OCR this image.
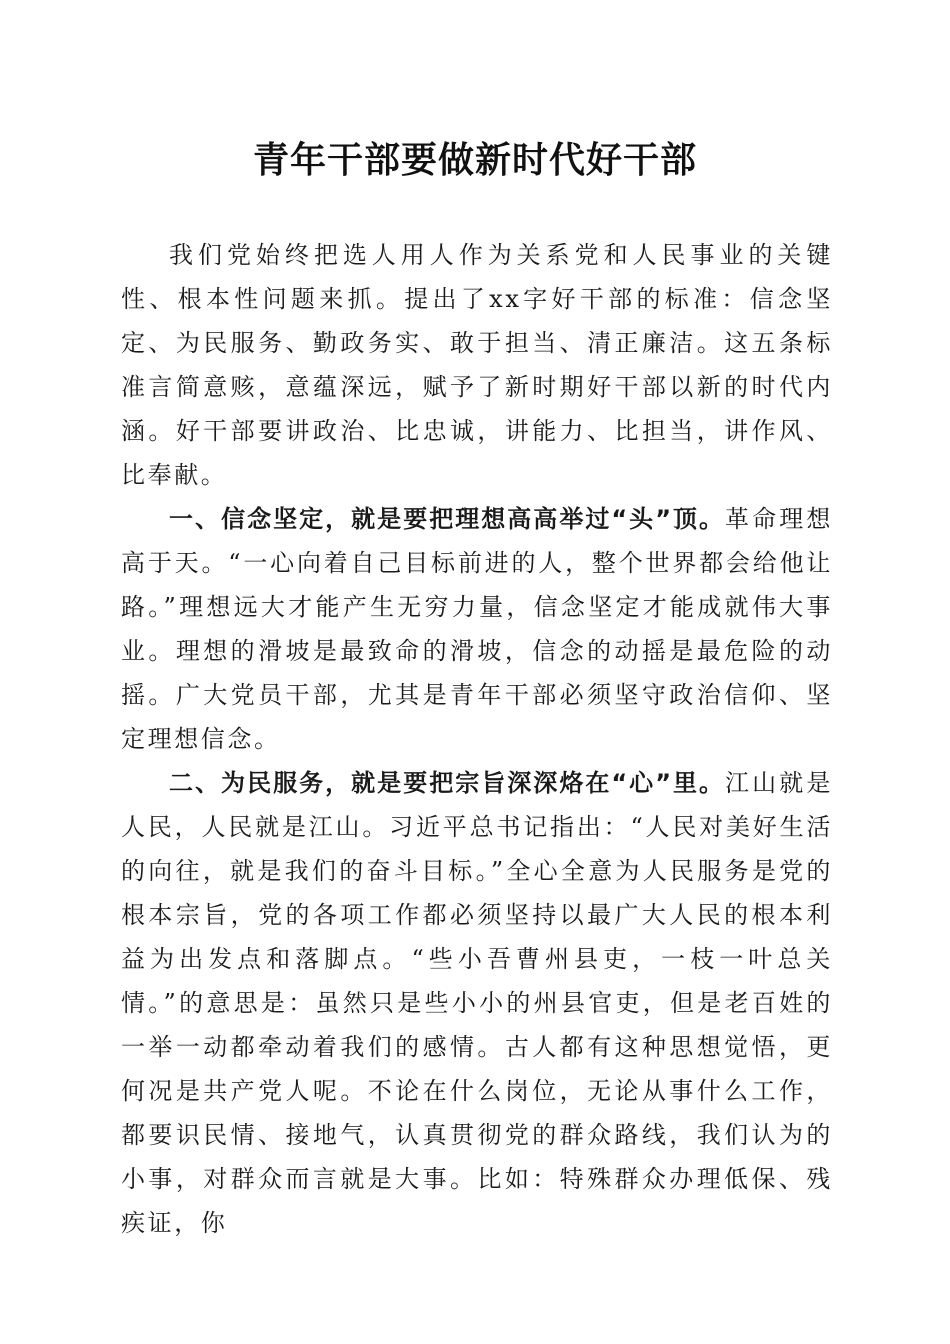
青年干部要做新时代好干部

我们党始终把选人用人作为关系党和人民事业的关键性、根本性问题来抓。提出了xx字好干部的标准：信念坚定、为民服务、勤政务实、敢于担当、清正廉洁。这五条标准言简意赅，意蕴深远，赋予了新时期好干部以新的时代内涵。好干部要讲政治、比忠诚，讲能力、比担当，讲作风、比奉献。

一、信念坚定，就是要把理想高高举过“头”顶。革命理想高于天。“一心向着自己目标前进的人，整个世界都会给他让路。”理想远大才能产生无穷力量，信念坚定才能成就伟大事业。理想的滑坡是最致命的滑坡，信念的动摇是最危险的动摇。广大党员干部，尤其是青年干部必须坚守政治信仰、坚定理想信念。

二、为民服务，就是要把宗旨深深烙在“心”里。江山就是人民，人民就是江山。习近平总书记指出：“人民对美好生活的向往，就是我们的奋斗目标。”全心全意为人民服务是党的根本宗旨，党的各项工作都必须坚持以最广大人民的根本利益为出发点和落脚点。“些小吾曹州县吏，一枝一叶总关情。”的意思是：虽然只是些小小的州县官吏，但是老百姓的一举一动都牵动着我们的感情。古人都有这种思想觉悟，更何况是共产党人呢。不论在什么岗位，无论从事什么工作，都要识民情、接地气，认真贯彻党的群众路线，我们认为的小事，对群众而言就是大事。比如：特殊群众办理低保、残疾证，你
